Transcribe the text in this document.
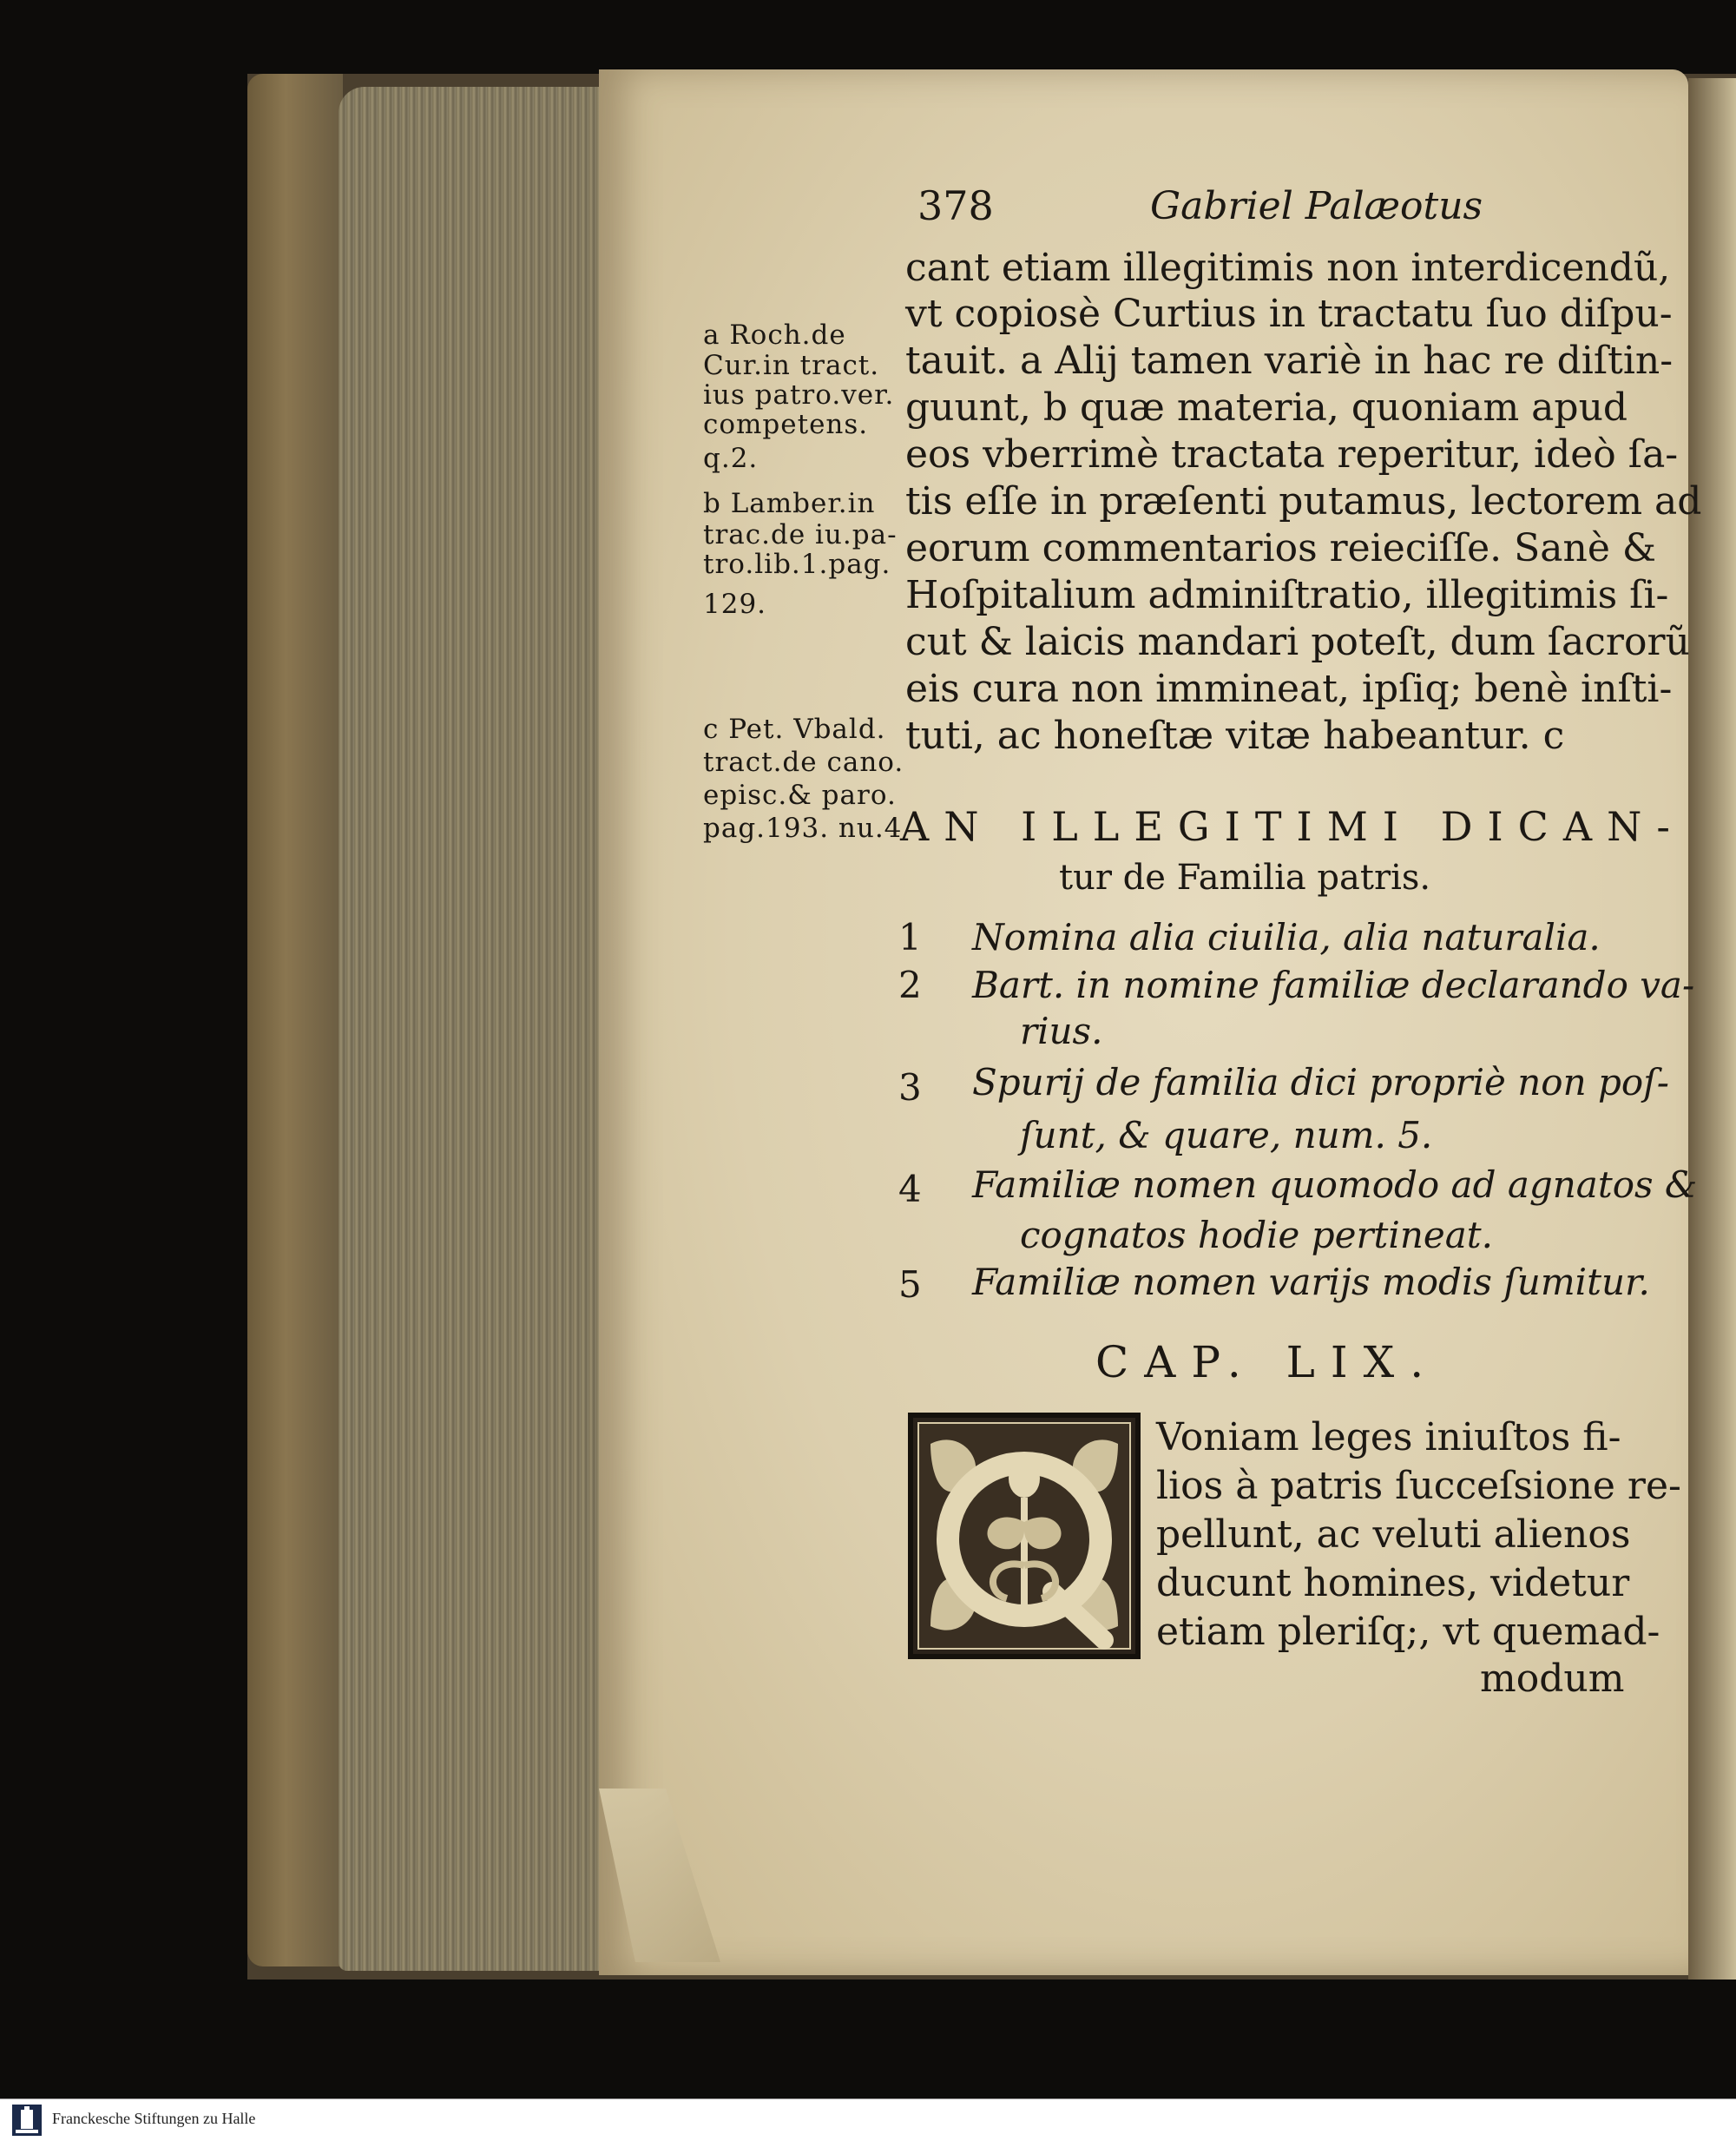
378	Gabriel Palæotus
cant etiam illegitimis non interdicendũ,
vt copiosè Curtius in tractatu ſuo diſpu-
tauit. a Alij tamen variè in hac re diſtin-
guunt, b quæ materia, quoniam apud
eos vberrimè tractata reperitur, ideò ſa-
tis eſſe in præſenti putamus, lectorem ad
eorum commentarios reieciſſe. Sanè &
Hoſpitalium adminiſtratio, illegitimis ſi-
cut & laicis mandari poteſt, dum ſacrorũ
eis cura non immineat, ipſiq; benè inſti-
tuti, ac honeſtæ vitæ habeantur. c
a Roch.de
Cur.in tract.
ius patro.ver.
competens.
q.2.
b Lamber.in
trac.de iu.pa-
tro.lib.1.pag.
129.
c Pet. Vbald.
tract.de cano.
episc.& paro.
pag.193. nu.4
AN ILLEGITIMI DICAN-
tur de Familia patris.
1 Nomina alia ciuilia, alia naturalia.
2 Bart. in nomine familiæ declarando va-
rius.
3 Spurij de familia dici propriè non poſ-
ſunt, & quare, num. 5.
4 Familiæ nomen quomodo ad agnatos &
cognatos hodie pertineat.
5 Familiæ nomen varijs modis ſumitur.
CAP. LIX.
Voniam leges iniuſtos fi-
lios à patris ſucceſsione re-
pellunt, ac veluti alienos
ducunt homines, videtur
etiam pleriſq;, vt quemad-
modum
Franckesche Stiftungen zu Halle
